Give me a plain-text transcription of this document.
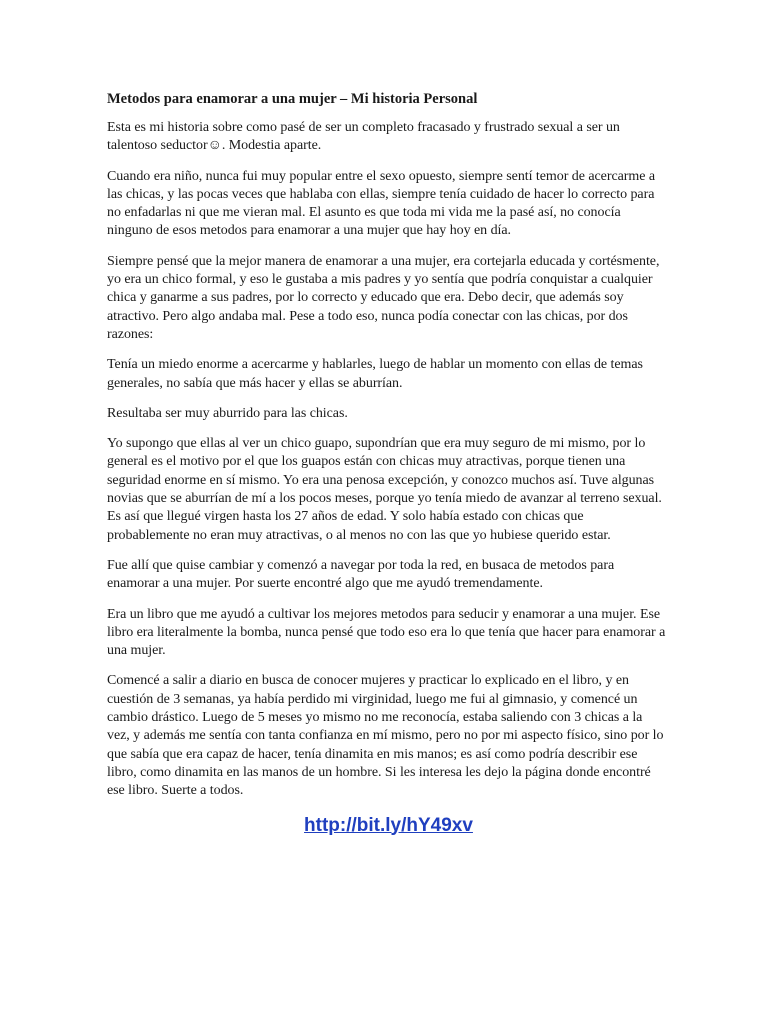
Metodos para enamorar a una mujer – Mi historia Personal

Esta es mi historia sobre como pasé de ser un completo fracasado y frustrado sexual a ser un talentoso seductor☺. Modestia aparte.

Cuando era niño, nunca fui muy popular entre el sexo opuesto, siempre sentí temor de acercarme a las chicas, y las pocas veces que hablaba con ellas, siempre tenía cuidado de hacer lo correcto para no enfadarlas ni que me vieran mal. El asunto es que toda mi vida me la pasé así, no conocía ninguno de esos metodos para enamorar a una mujer que hay hoy en día.

Siempre pensé que la mejor manera de enamorar a una mujer, era cortejarla educada y cortésmente, yo era un chico formal, y eso le gustaba a mis padres y yo sentía que podría conquistar a cualquier chica y ganarme a sus padres, por lo correcto y educado que era. Debo decir, que además soy atractivo. Pero algo andaba mal. Pese a todo eso, nunca podía conectar con las chicas, por dos razones:

Tenía un miedo enorme a acercarme y hablarles, luego de hablar un momento con ellas de temas generales, no sabía que más hacer y ellas se aburrían.

Resultaba ser muy aburrido para las chicas.

Yo supongo que ellas al ver un chico guapo, supondrían que era muy seguro de mi mismo, por lo general es el motivo por el que los guapos están con chicas muy atractivas, porque tienen una seguridad enorme en sí mismo. Yo era una penosa excepción, y conozco muchos así. Tuve algunas novias que se aburrían de mí a los pocos meses, porque yo tenía miedo de avanzar al terreno sexual. Es así que llegué virgen hasta los 27 años de edad. Y solo había estado con chicas que probablemente no eran muy atractivas, o al menos no con las que yo hubiese querido estar.

Fue allí que quise cambiar y comenzó a navegar por toda la red, en busaca de metodos para enamorar a una mujer. Por suerte encontré algo que me ayudó tremendamente.

Era un libro que me ayudó a cultivar los mejores metodos para seducir y enamorar a una mujer. Ese libro era literalmente la bomba, nunca pensé que todo eso era lo que tenía que hacer para enamorar a una mujer.

Comencé a salir a diario en busca de conocer mujeres y practicar lo explicado en el libro, y en cuestión de 3 semanas, ya había perdido mi virginidad, luego me fui al gimnasio, y comencé un cambio drástico. Luego de 5 meses yo mismo no me reconocía, estaba saliendo con 3 chicas a la vez, y además me sentía con tanta confianza en mí mismo, pero no por mi aspecto físico, sino por lo que sabía que era capaz de hacer, tenía dinamita en mis manos; es así como podría describir ese libro, como dinamita en las manos de un hombre. Si les interesa les dejo la página donde encontré ese libro. Suerte a todos.

http://bit.ly/hY49xv
